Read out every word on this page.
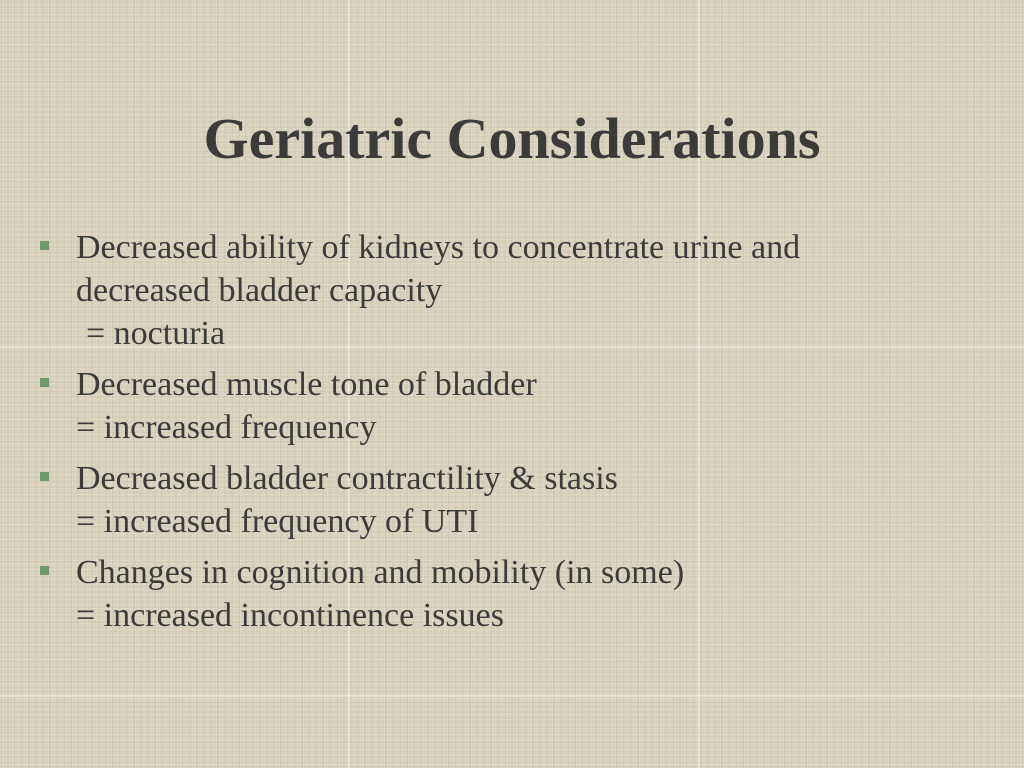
Geriatric Considerations
Decreased ability of kidneys to concentrate urine and
decreased bladder capacity
= nocturia
Decreased muscle tone of bladder
= increased frequency
Decreased bladder contractility & stasis
= increased frequency of UTI
Changes in cognition and mobility (in some)
= increased incontinence issues
